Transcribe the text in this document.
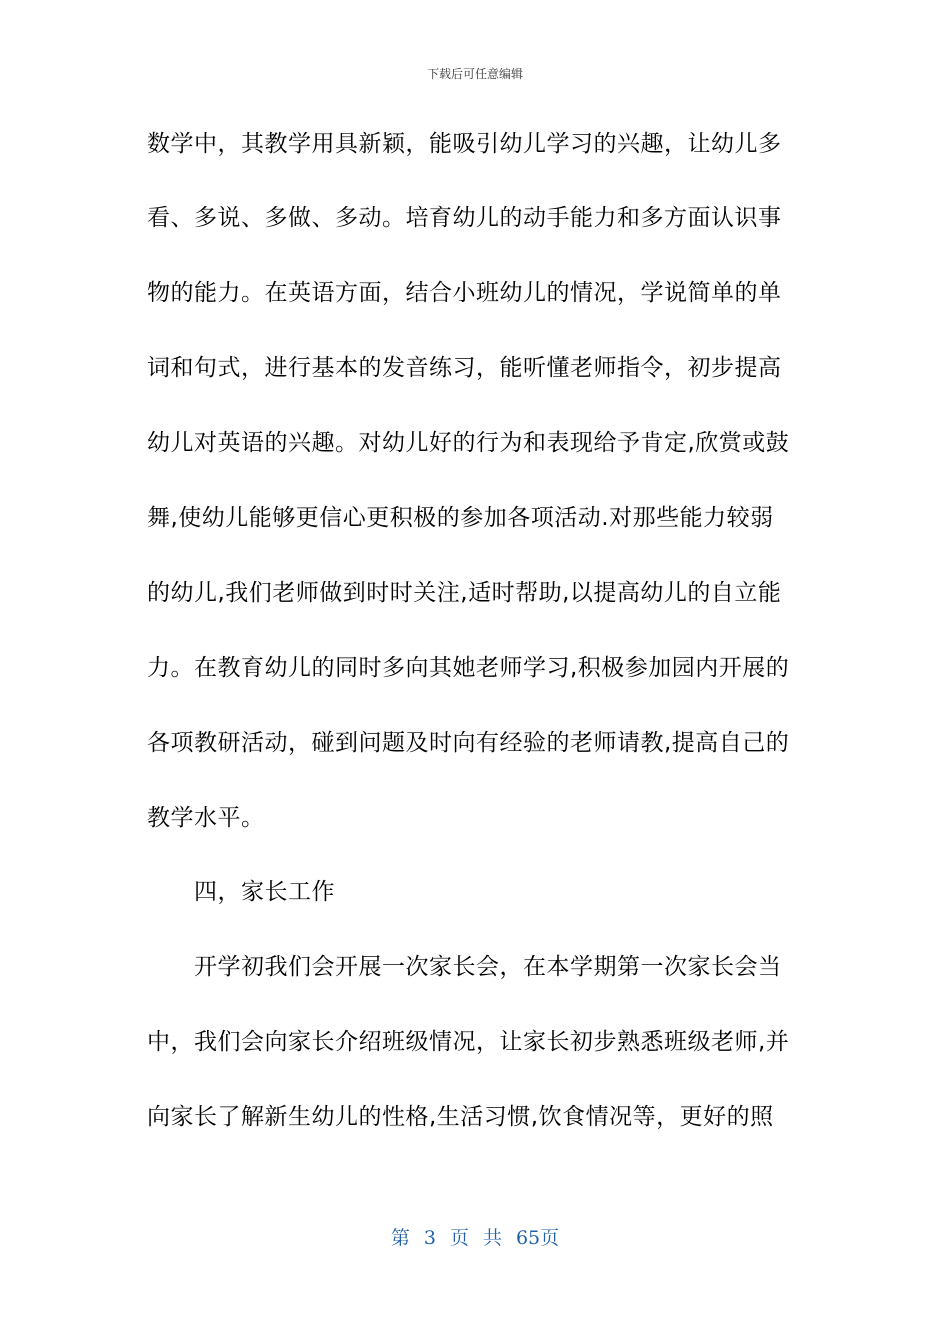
下载后可任意编辑
数学中，其教学用具新颖，能吸引幼儿学习的兴趣，让幼儿多
看、多说、多做、多动。培育幼儿的动手能力和多方面认识事
物的能力。在英语方面，结合小班幼儿的情况，学说简单的单
词和句式，进行基本的发音练习，能听懂老师指令，初步提高
幼儿对英语的兴趣。对幼儿好的行为和表现给予肯定,欣赏或鼓
舞,使幼儿能够更信心更积极的参加各项活动.对那些能力较弱
的幼儿,我们老师做到时时关注,适时帮助,以提高幼儿的自立能
力。在教育幼儿的同时多向其她老师学习,积极参加园内开展的
各项教研活动，碰到问题及时向有经验的老师请教,提高自己的
教学水平。
四，家长工作
开学初我们会开展一次家长会，在本学期第一次家长会当
中，我们会向家长介绍班级情况，让家长初步熟悉班级老师,并
向家长了解新生幼儿的性格,生活习惯,饮食情况等，更好的照
第 3 页 共 65页
